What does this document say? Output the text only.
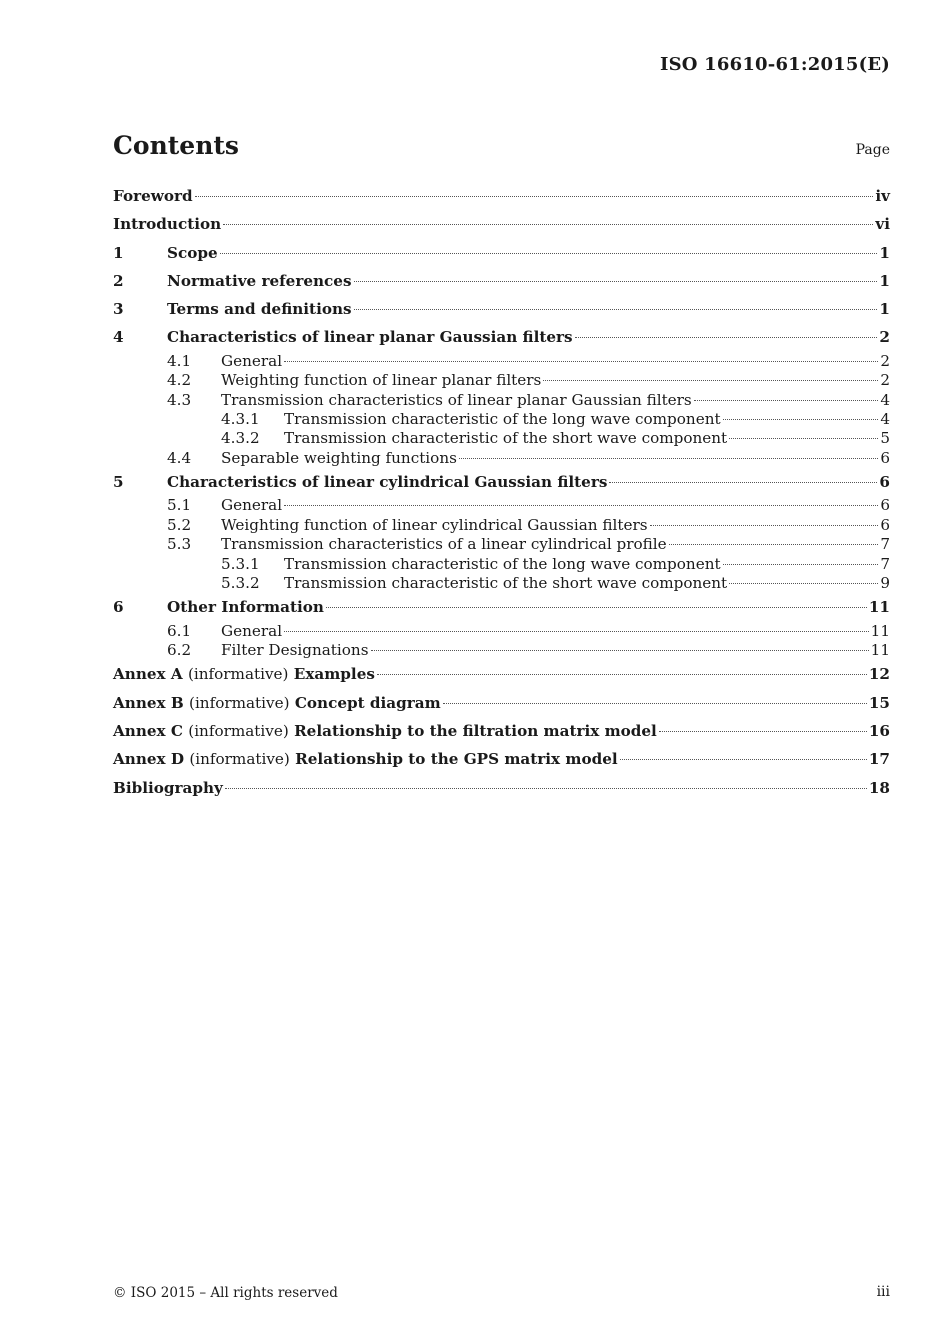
ISO 16610-61:2015(E)
Contents	Page
Foreword	iv
Introduction	vi
1	Scope	1
2	Normative references	1
3	Terms and definitions	1
4	Characteristics of linear planar Gaussian filters	2
4.1	General	2
4.2	Weighting function of linear planar filters	2
4.3	Transmission characteristics of linear planar Gaussian filters	4
4.3.1	Transmission characteristic of the long wave component	4
4.3.2	Transmission characteristic of the short wave component	5
4.4	Separable weighting functions	6
5	Characteristics of linear cylindrical Gaussian filters	6
5.1	General	6
5.2	Weighting function of linear cylindrical Gaussian filters	6
5.3	Transmission characteristics of a linear cylindrical profile	7
5.3.1	Transmission characteristic of the long wave component	7
5.3.2	Transmission characteristic of the short wave component	9
6	Other Information	11
6.1	General	11
6.2	Filter Designations	11
Annex A (informative) Examples	12
Annex B (informative) Concept diagram	15
Annex C (informative) Relationship to the filtration matrix model	16
Annex D (informative) Relationship to the GPS matrix model	17
Bibliography	18
© ISO 2015 – All rights reserved	iii
